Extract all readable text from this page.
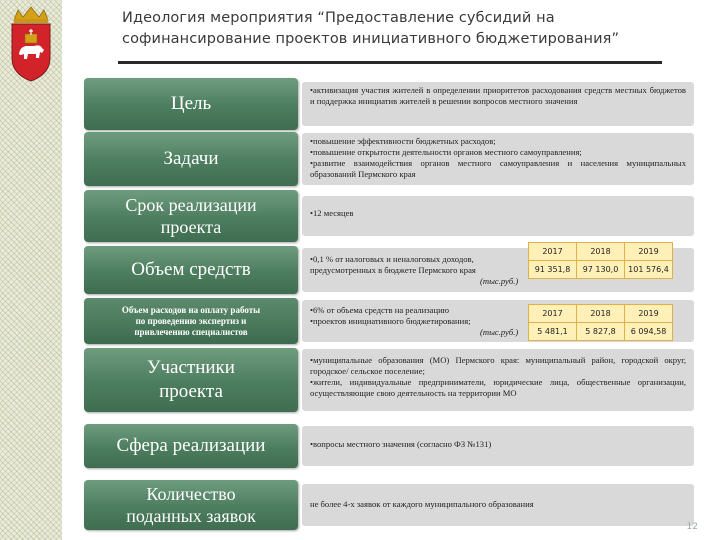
Идеология мероприятия “Предоставление субсидий на
софинансирование проектов инициативного бюджетирования”
Цель

•активизация участия жителей в определении приоритетов расходования средств местных бюджетов и поддержка инициатив жителей в решении вопросов местного значения

Задачи

•повышение эффективности бюджетных расходов;

•повышение открытости деятельности органов местного самоуправления;

•развитие взаимодействия органов местного самоуправления и населения муниципальных образований Пермского края

Срок реализации
проекта

•12 месяцев

Объем средств	•0,1 % от налоговых и неналоговых доходов,

предусмотренных в бюджете Пермского края

(тыс.руб.)

2017	2018	2019
91 351,8	97 130,0	101 576,4
Объем расходов на оплату работы
по проведению экспертиз и
привлечению специалистов

•6% от объема средств на реализацию

•проектов инициативного бюджетирования;

(тыс.руб.)

2017	2018	2019
5 481,1	5 827,8	6 094,58
Участники
проекта

•муниципальные образования (МО) Пермского края: муниципальный район, городской округ, городское/ сельское поселение;

•жители, индивидуальные предприниматели, юридические лица, общественные организации, осуществляющие свою деятельность на территории МО

Сфера реализации	•вопросы местного значения (согласно ФЗ №131)

Количество
поданных заявок

не более 4-х заявок от каждого муниципального образования

12
